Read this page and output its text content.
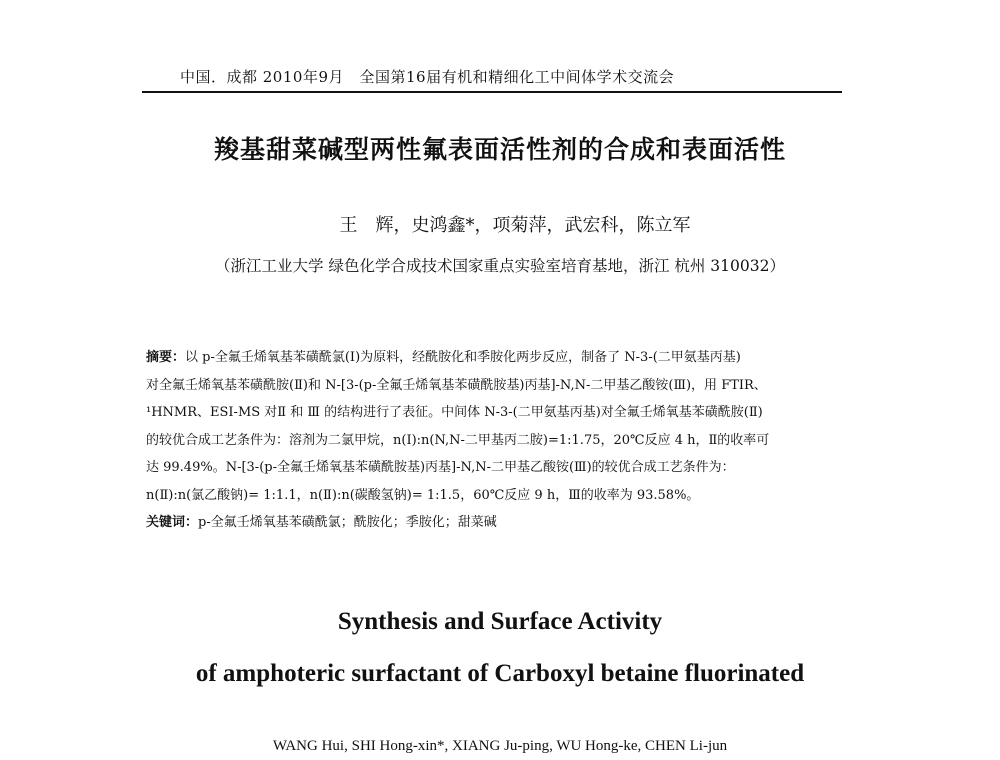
中国．成都 2010年9月　全国第16届有机和精细化工中间体学术交流会
羧基甜菜碱型两性氟表面活性剂的合成和表面活性
王　辉，史鸿鑫*，项菊萍，武宏科，陈立军
（浙江工业大学 绿色化学合成技术国家重点实验室培育基地，浙江 杭州 310032）
摘要：以 p-全氟壬烯氧基苯磺酰氯(Ⅰ)为原料，经酰胺化和季胺化两步反应，制备了 N-3-(二甲氨基丙基)
对全氟壬烯氧基苯磺酰胺(Ⅱ)和 N-[3-(p-全氟壬烯氧基苯磺酰胺基)丙基]-N,N-二甲基乙酸铵(Ⅲ)，用 FTIR、
¹HNMR、ESI-MS 对Ⅱ 和 Ⅲ 的结构进行了表征。中间体 N-3-(二甲氨基丙基)对全氟壬烯氧基苯磺酰胺(Ⅱ)
的较优合成工艺条件为：溶剂为二氯甲烷，n(Ⅰ):n(N,N-二甲基丙二胺)=1:1.75，20℃反应 4 h，Ⅱ的收率可
达 99.49%。N-[3-(p-全氟壬烯氧基苯磺酰胺基)丙基]-N,N-二甲基乙酸铵(Ⅲ)的较优合成工艺条件为：
n(Ⅱ):n(氯乙酸钠)= 1:1.1，n(Ⅱ):n(碳酸氢钠)= 1:1.5，60℃反应 9 h，Ⅲ的收率为 93.58%。
关键词：p-全氟壬烯氧基苯磺酰氯；酰胺化；季胺化；甜菜碱
Synthesis and Surface Activity
of amphoteric surfactant of Carboxyl betaine fluorinated
WANG Hui, SHI Hong-xin*, XIANG Ju-ping, WU Hong-ke, CHEN Li-jun
